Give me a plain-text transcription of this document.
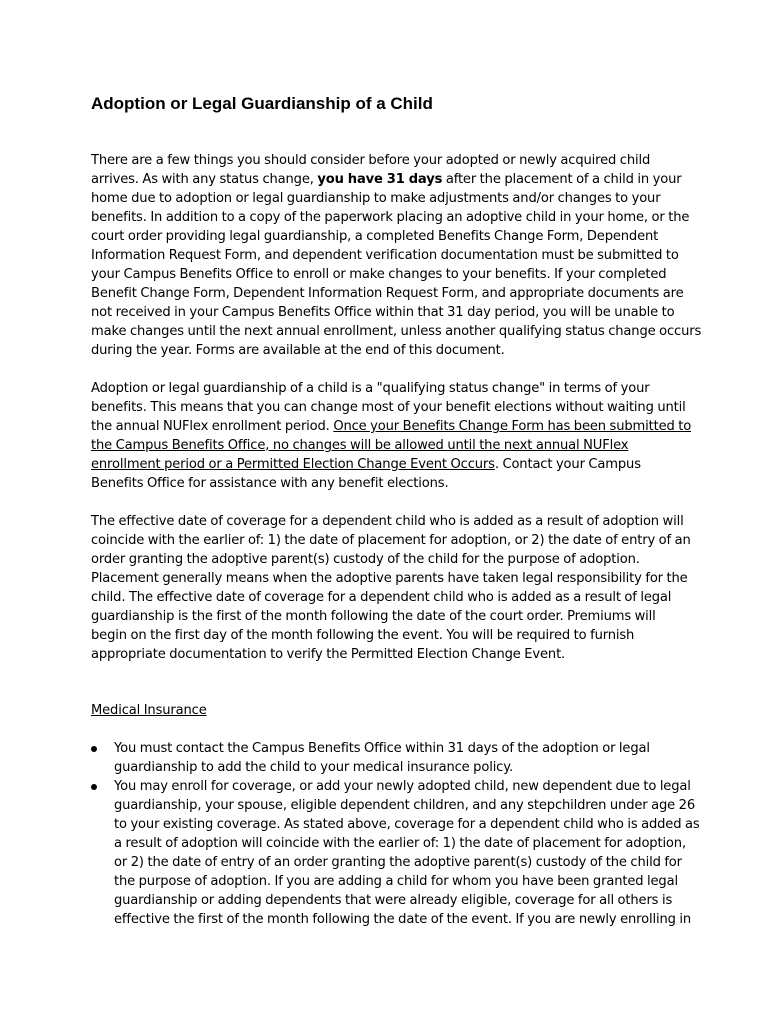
Adoption or Legal Guardianship of a Child

There are a few things you should consider before your adopted or newly acquired child
arrives. As with any status change, you have 31 days after the placement of a child in your
home due to adoption or legal guardianship to make adjustments and/or changes to your
benefits. In addition to a copy of the paperwork placing an adoptive child in your home, or the
court order providing legal guardianship, a completed Benefits Change Form, Dependent
Information Request Form, and dependent verification documentation must be submitted to
your Campus Benefits Office to enroll or make changes to your benefits. If your completed
Benefit Change Form, Dependent Information Request Form, and appropriate documents are
not received in your Campus Benefits Office within that 31 day period, you will be unable to
make changes until the next annual enrollment, unless another qualifying status change occurs
during the year. Forms are available at the end of this document.

Adoption or legal guardianship of a child is a "qualifying status change" in terms of your
benefits. This means that you can change most of your benefit elections without waiting until
the annual NUFlex enrollment period. Once your Benefits Change Form has been submitted to
the Campus Benefits Office, no changes will be allowed until the next annual NUFlex
enrollment period or a Permitted Election Change Event Occurs. Contact your Campus
Benefits Office for assistance with any benefit elections.

The effective date of coverage for a dependent child who is added as a result of adoption will
coincide with the earlier of: 1) the date of placement for adoption, or 2) the date of entry of an
order granting the adoptive parent(s) custody of the child for the purpose of adoption.
Placement generally means when the adoptive parents have taken legal responsibility for the
child. The effective date of coverage for a dependent child who is added as a result of legal
guardianship is the first of the month following the date of the court order. Premiums will
begin on the first day of the month following the event. You will be required to furnish
appropriate documentation to verify the Permitted Election Change Event.

Medical Insurance

You must contact the Campus Benefits Office within 31 days of the adoption or legal
guardianship to add the child to your medical insurance policy.
You may enroll for coverage, or add your newly adopted child, new dependent due to legal
guardianship, your spouse, eligible dependent children, and any stepchildren under age 26
to your existing coverage. As stated above, coverage for a dependent child who is added as
a result of adoption will coincide with the earlier of: 1) the date of placement for adoption,
or 2) the date of entry of an order granting the adoptive parent(s) custody of the child for
the purpose of adoption. If you are adding a child for whom you have been granted legal
guardianship or adding dependents that were already eligible, coverage for all others is
effective the first of the month following the date of the event. If you are newly enrolling in
